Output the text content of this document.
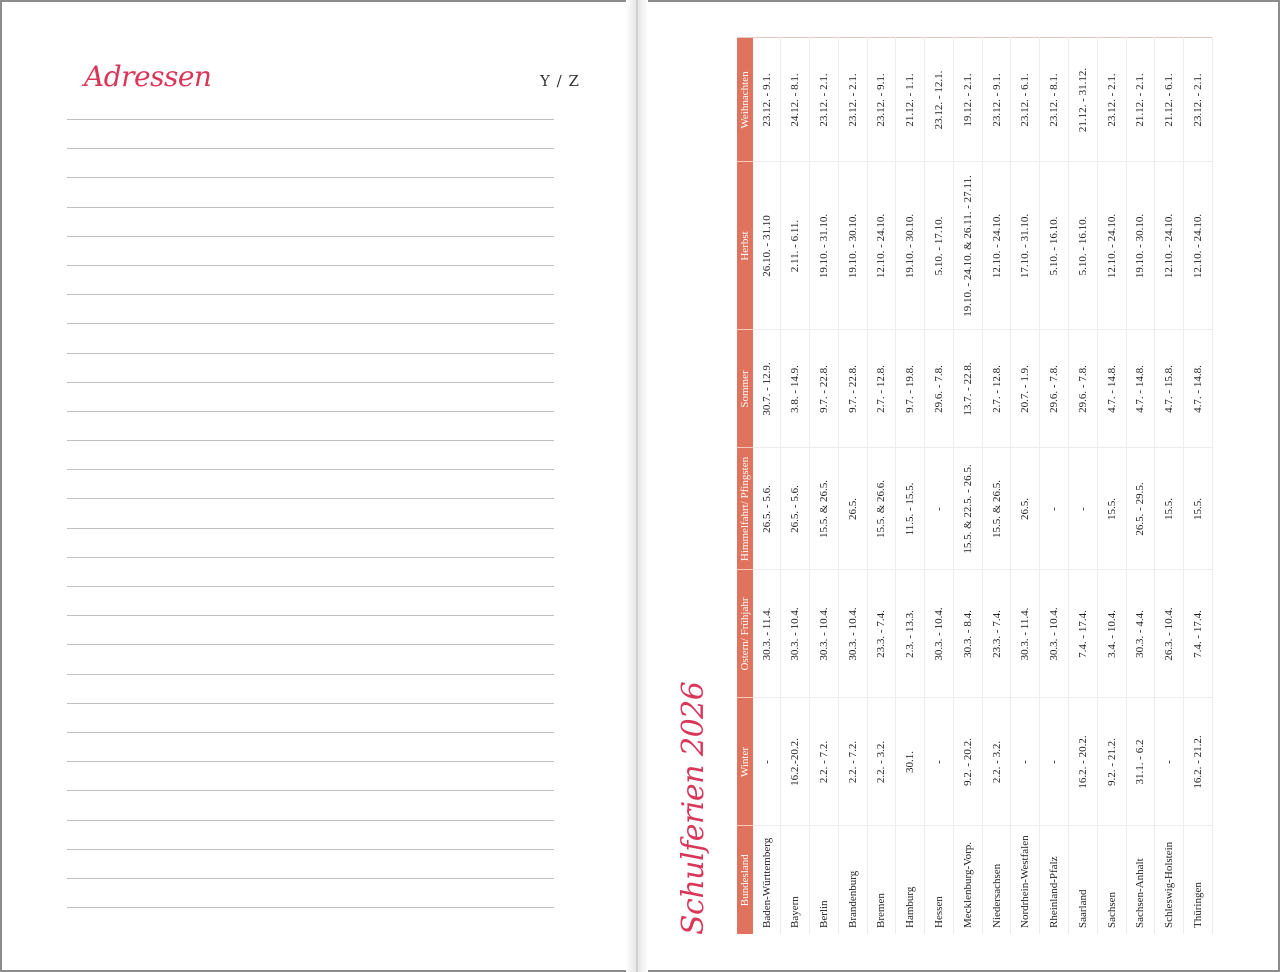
Adressen	Y / Z
Schulferien 2026	Bundesland	Winter	Ostern/ Frühjahr	Himmelfahrt/ Pfingsten	Sommer	Herbst	Weihnachten
Baden-Württemberg	-	30.3. - 11.4.	26.5. - 5.6.	30.7. - 12.9.	26.10. - 31.10	23.12. - 9.1.
Bayern	16.2.-20.2.	30.3. - 10.4.	26.5. - 5.6.	3.8. - 14.9.	2.11. - 6.11.	24.12. - 8.1.
Berlin	2.2. - 7.2.	30.3. - 10.4.	15.5. & 26.5.	9.7. - 22.8.	19.10. - 31.10.	23.12. - 2.1.
Brandenburg	2.2. - 7.2.	30.3. - 10.4.	26.5.	9.7. - 22.8.	19.10. - 30.10.	23.12. - 2.1.
Bremen	2.2. - 3.2.	23.3. - 7.4.	15.5. & 26.6.	2.7. - 12.8.	12.10. - 24.10.	23.12. - 9.1.
Hamburg	30.1.	2.3. - 13.3.	11.5. - 15.5.	9.7. - 19.8.	19.10. - 30.10.	21.12. - 1.1.
Hessen	-	30.3. - 10.4.	-	29.6. - 7.8.	5.10. - 17.10.	23.12. - 12.1.
Mecklenburg-Vorp.	9.2. - 20.2.	30.3. - 8.4.	15.5. & 22.5. - 26.5.	13.7. - 22.8.	19.10. - 24.10. & 26.11. - 27.11.	19.12. - 2.1.
Niedersachsen	2.2. - 3.2.	23.3. - 7.4.	15.5. & 26.5.	2.7. - 12.8.	12.10. - 24.10.	23.12. - 9.1.
Nordrhein-Westfalen	-	30.3. - 11.4.	26.5.	20.7. - 1.9.	17.10. - 31.10.	23.12. - 6.1.
Rheinland-Pfalz	-	30.3. - 10.4.	-	29.6. - 7.8.	5.10. - 16.10.	23.12. - 8.1.
Saarland	16.2. - 20.2.	7.4. - 17.4.	-	29.6. - 7.8.	5.10. - 16.10.	21.12. - 31.12.
Sachsen	9.2. - 21.2.	3.4. - 10.4.	15.5.	4.7. - 14.8.	12.10. - 24.10.	23.12. - 2.1.
Sachsen-Anhalt	31.1. - 6.2	30.3. - 4.4.	26.5. - 29.5.	4.7. - 14.8.	19.10. - 30.10.	21.12. - 2.1.
Schleswig-Holstein	-	26.3. - 10.4.	15.5.	4.7. - 15.8.	12.10. - 24.10.	21.12. - 6.1.
Thüringen	16.2. - 21.2.	7.4. - 17.4.	15.5.	4.7. - 14.8.	12.10. - 24.10.	23.12. - 2.1.
